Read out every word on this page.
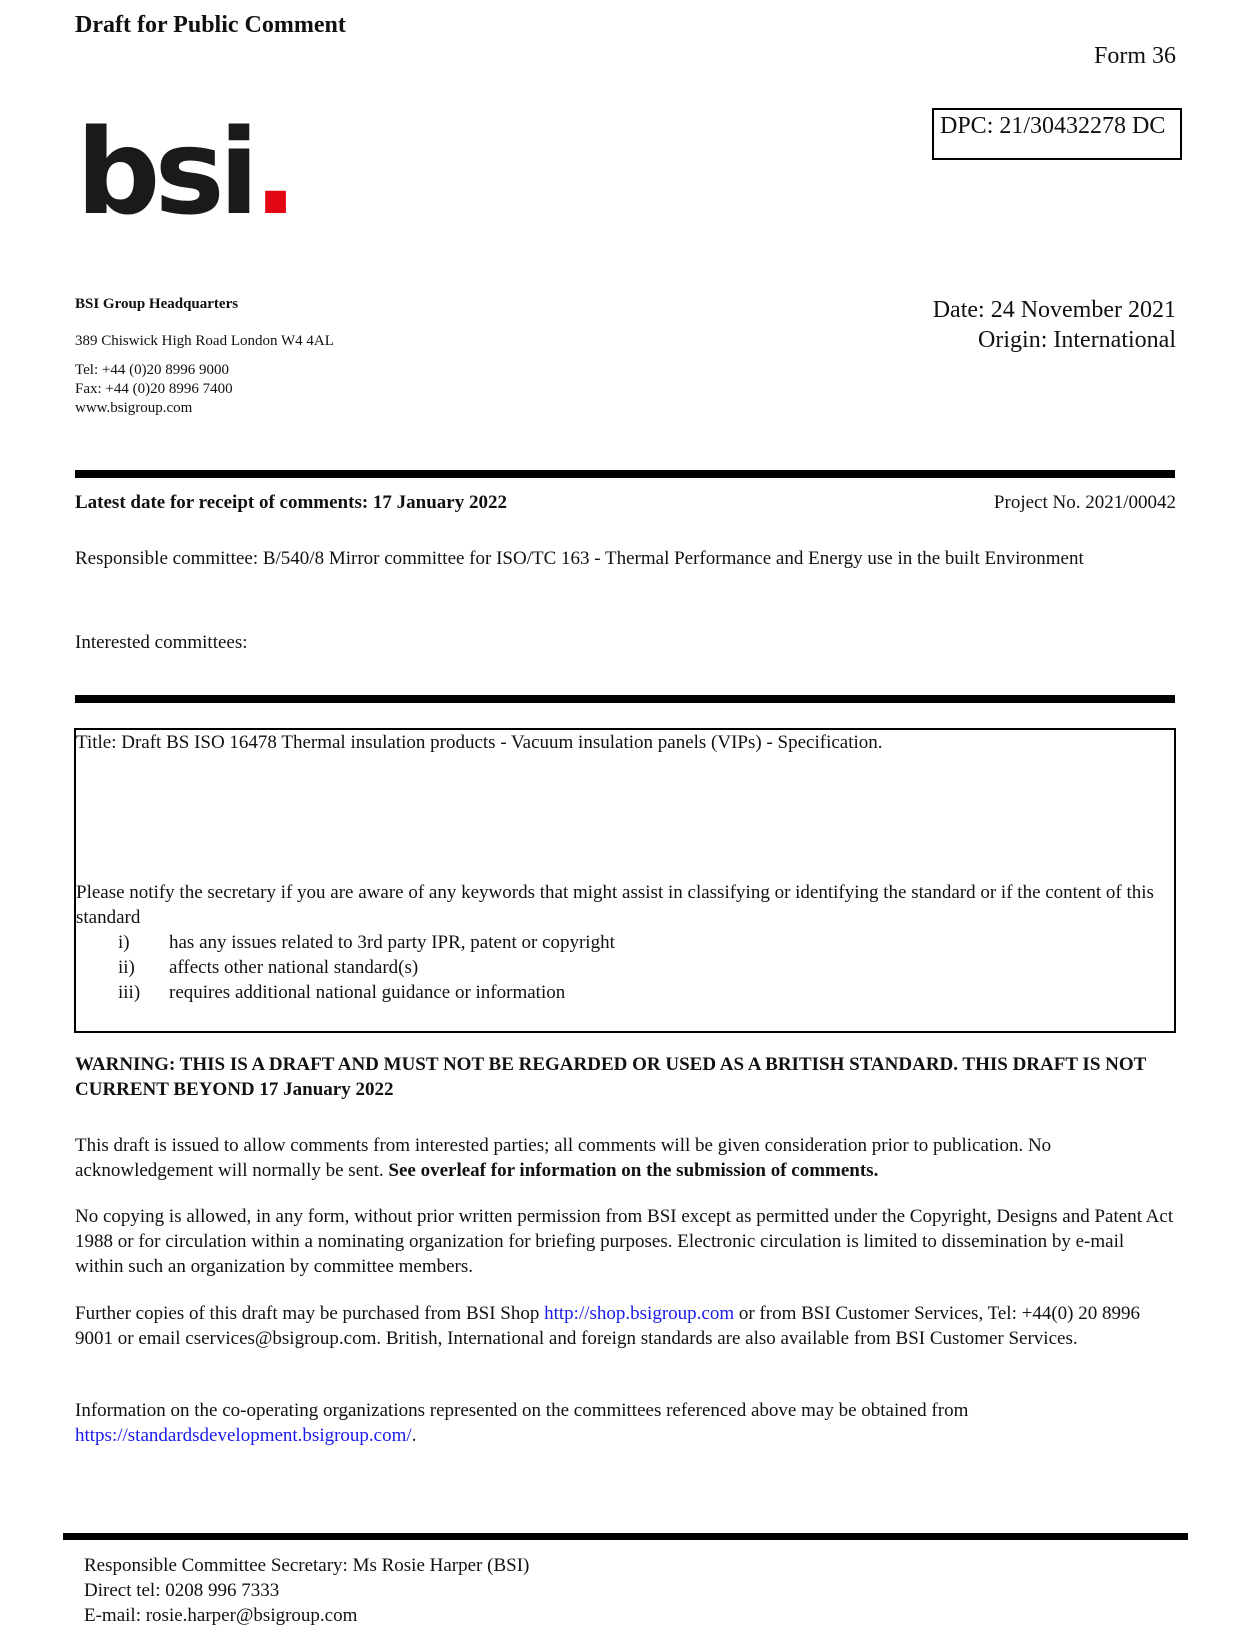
Draft for Public Comment
Form 36
DPC: 21/30432278 DC
bsi.
BSI Group Headquarters
389 Chiswick High Road London W4 4AL
Tel: +44 (0)20 8996 9000
Fax: +44 (0)20 8996 7400
www.bsigroup.com
Date: 24 November 2021
Origin: International
Latest date for receipt of comments: 17 January 2022	Project No. 2021/00042
Responsible committee: B/540/8 Mirror committee for ISO/TC 163 - Thermal Performance and Energy use in the built Environment
Interested committees:
Title: Draft BS ISO 16478 Thermal insulation products - Vacuum insulation panels (VIPs) - Specification.
Please notify the secretary if you are aware of any keywords that might assist in classifying or identifying the standard or if the content of this standard
i) has any issues related to 3rd party IPR, patent or copyright
ii) affects other national standard(s)
iii) requires additional national guidance or information
WARNING: THIS IS A DRAFT AND MUST NOT BE REGARDED OR USED AS A BRITISH STANDARD. THIS DRAFT IS NOT CURRENT BEYOND 17 January 2022
This draft is issued to allow comments from interested parties; all comments will be given consideration prior to publication. No acknowledgement will normally be sent. See overleaf for information on the submission of comments.
No copying is allowed, in any form, without prior written permission from BSI except as permitted under the Copyright, Designs and Patent Act 1988 or for circulation within a nominating organization for briefing purposes. Electronic circulation is limited to dissemination by e-mail within such an organization by committee members.
Further copies of this draft may be purchased from BSI Shop http://shop.bsigroup.com or from BSI Customer Services, Tel: +44(0) 20 8996 9001 or email cservices@bsigroup.com. British, International and foreign standards are also available from BSI Customer Services.
Information on the co-operating organizations represented on the committees referenced above may be obtained from https://standardsdevelopment.bsigroup.com/.
Responsible Committee Secretary: Ms Rosie Harper (BSI)
Direct tel: 0208 996 7333
E-mail: rosie.harper@bsigroup.com
